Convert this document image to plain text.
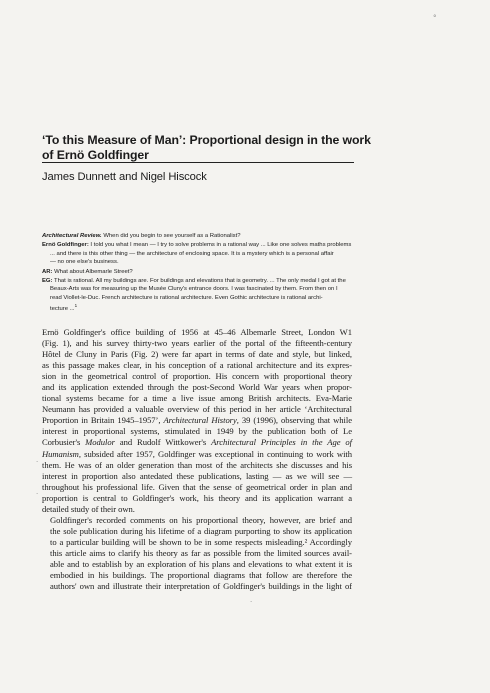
‘To this Measure of Man’: Proportional design in the work of Ernö Goldfinger
James Dunnett and Nigel Hiscock

Architectural Review. When did you begin to see yourself as a Rationalist?

Ernö Goldfinger: I told you what I mean — I try to solve problems in a rational way ... Like one solves maths problems

... and there is this other thing — the architecture of enclosing space. It is a mystery which is a personal affair

— no one else's business.

AR: What about Albemarle Street?

EG: That is rational. All my buildings are. For buildings and elevations that is geometry. ... The only medal I got at the

Beaux-Arts was for measuring up the Musée Cluny's entrance doors. I was fascinated by them. From then on I

read Viollet-le-Duc. French architecture is rational architecture. Even Gothic architecture is rational archi-

tecture ...$^1$

Ernö Goldfinger's office building of 1956 at 45–46 Albemarle Street, London W1
(Fig. 1), and his survey thirty-two years earlier of the portal of the fifteenth-century
Hôtel de Cluny in Paris (Fig. 2) were far apart in terms of date and style, but linked,
as this passage makes clear, in his conception of a rational architecture and its expres-
sion in the geometrical control of proportion. His concern with proportional theory
and its application extended through the post-Second World War years when propor-
tional systems became for a time a live issue among British architects. Eva-Marie
Neumann has provided a valuable overview of this period in her article ‘Architectural
Proportion in Britain 1945–1957’, Architectural History, 39 (1996), observing that while
interest in proportional systems, stimulated in 1949 by the publication both of Le
Corbusier's Modulor and Rudolf Wittkower's Architectural Principles in the Age of
Humanism, subsided after 1957, Goldfinger was exceptional in continuing to work with
them. He was of an older generation than most of the architects she discusses and his
interest in proportion also antedated these publications, lasting — as we will see —
throughout his professional life. Given that the sense of geometrical order in plan and
proportion is central to Goldfinger's work, his theory and its application warrant a
detailed study of their own.

Goldfinger's recorded comments on his proportional theory, however, are brief and
the sole publication during his lifetime of a diagram purporting to show its application
to a particular building will be shown to be in some respects misleading.² Accordingly
this article aims to clarify his theory as far as possible from the limited sources avail-
able and to establish by an exploration of his plans and elevations to what extent it is
embodied in his buildings. The proportional diagrams that follow are therefore the
authors' own and illustrate their interpretation of Goldfinger's buildings in the light of

°
·
·
·
